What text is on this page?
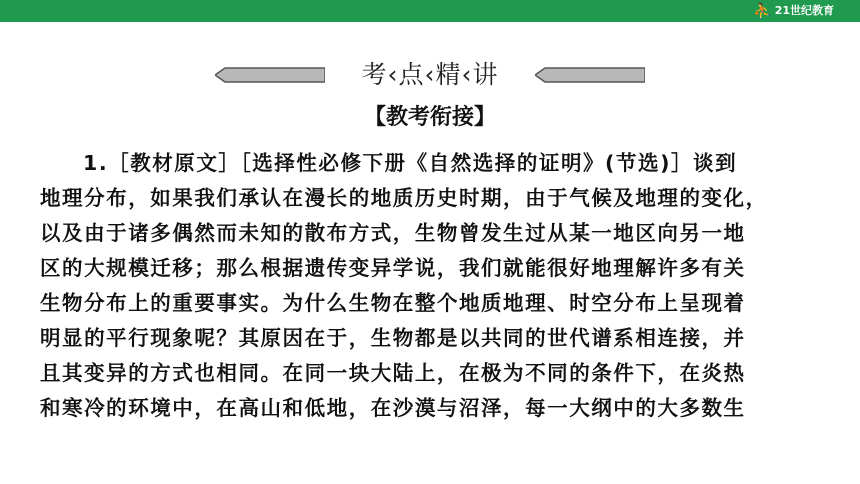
⛹ 21世纪教育
考‹点‹精‹讲
【教考衔接】
1.［教材原文］［选择性必修下册《自然选择的证明》(节选)］谈到
地理分布，如果我们承认在漫长的地质历史时期，由于气候及地理的变化，
以及由于诸多偶然而未知的散布方式，生物曾发生过从某一地区向另一地
区的大规模迁移；那么根据遗传变异学说，我们就能很好地理解许多有关
生物分布上的重要事实。为什么生物在整个地质地理、时空分布上呈现着
明显的平行现象呢？其原因在于，生物都是以共同的世代谱系相连接，并
且其变异的方式也相同。在同一块大陆上，在极为不同的条件下，在炎热
和寒冷的环境中，在高山和低地，在沙漠与沼泽，每一大纲中的大多数生
